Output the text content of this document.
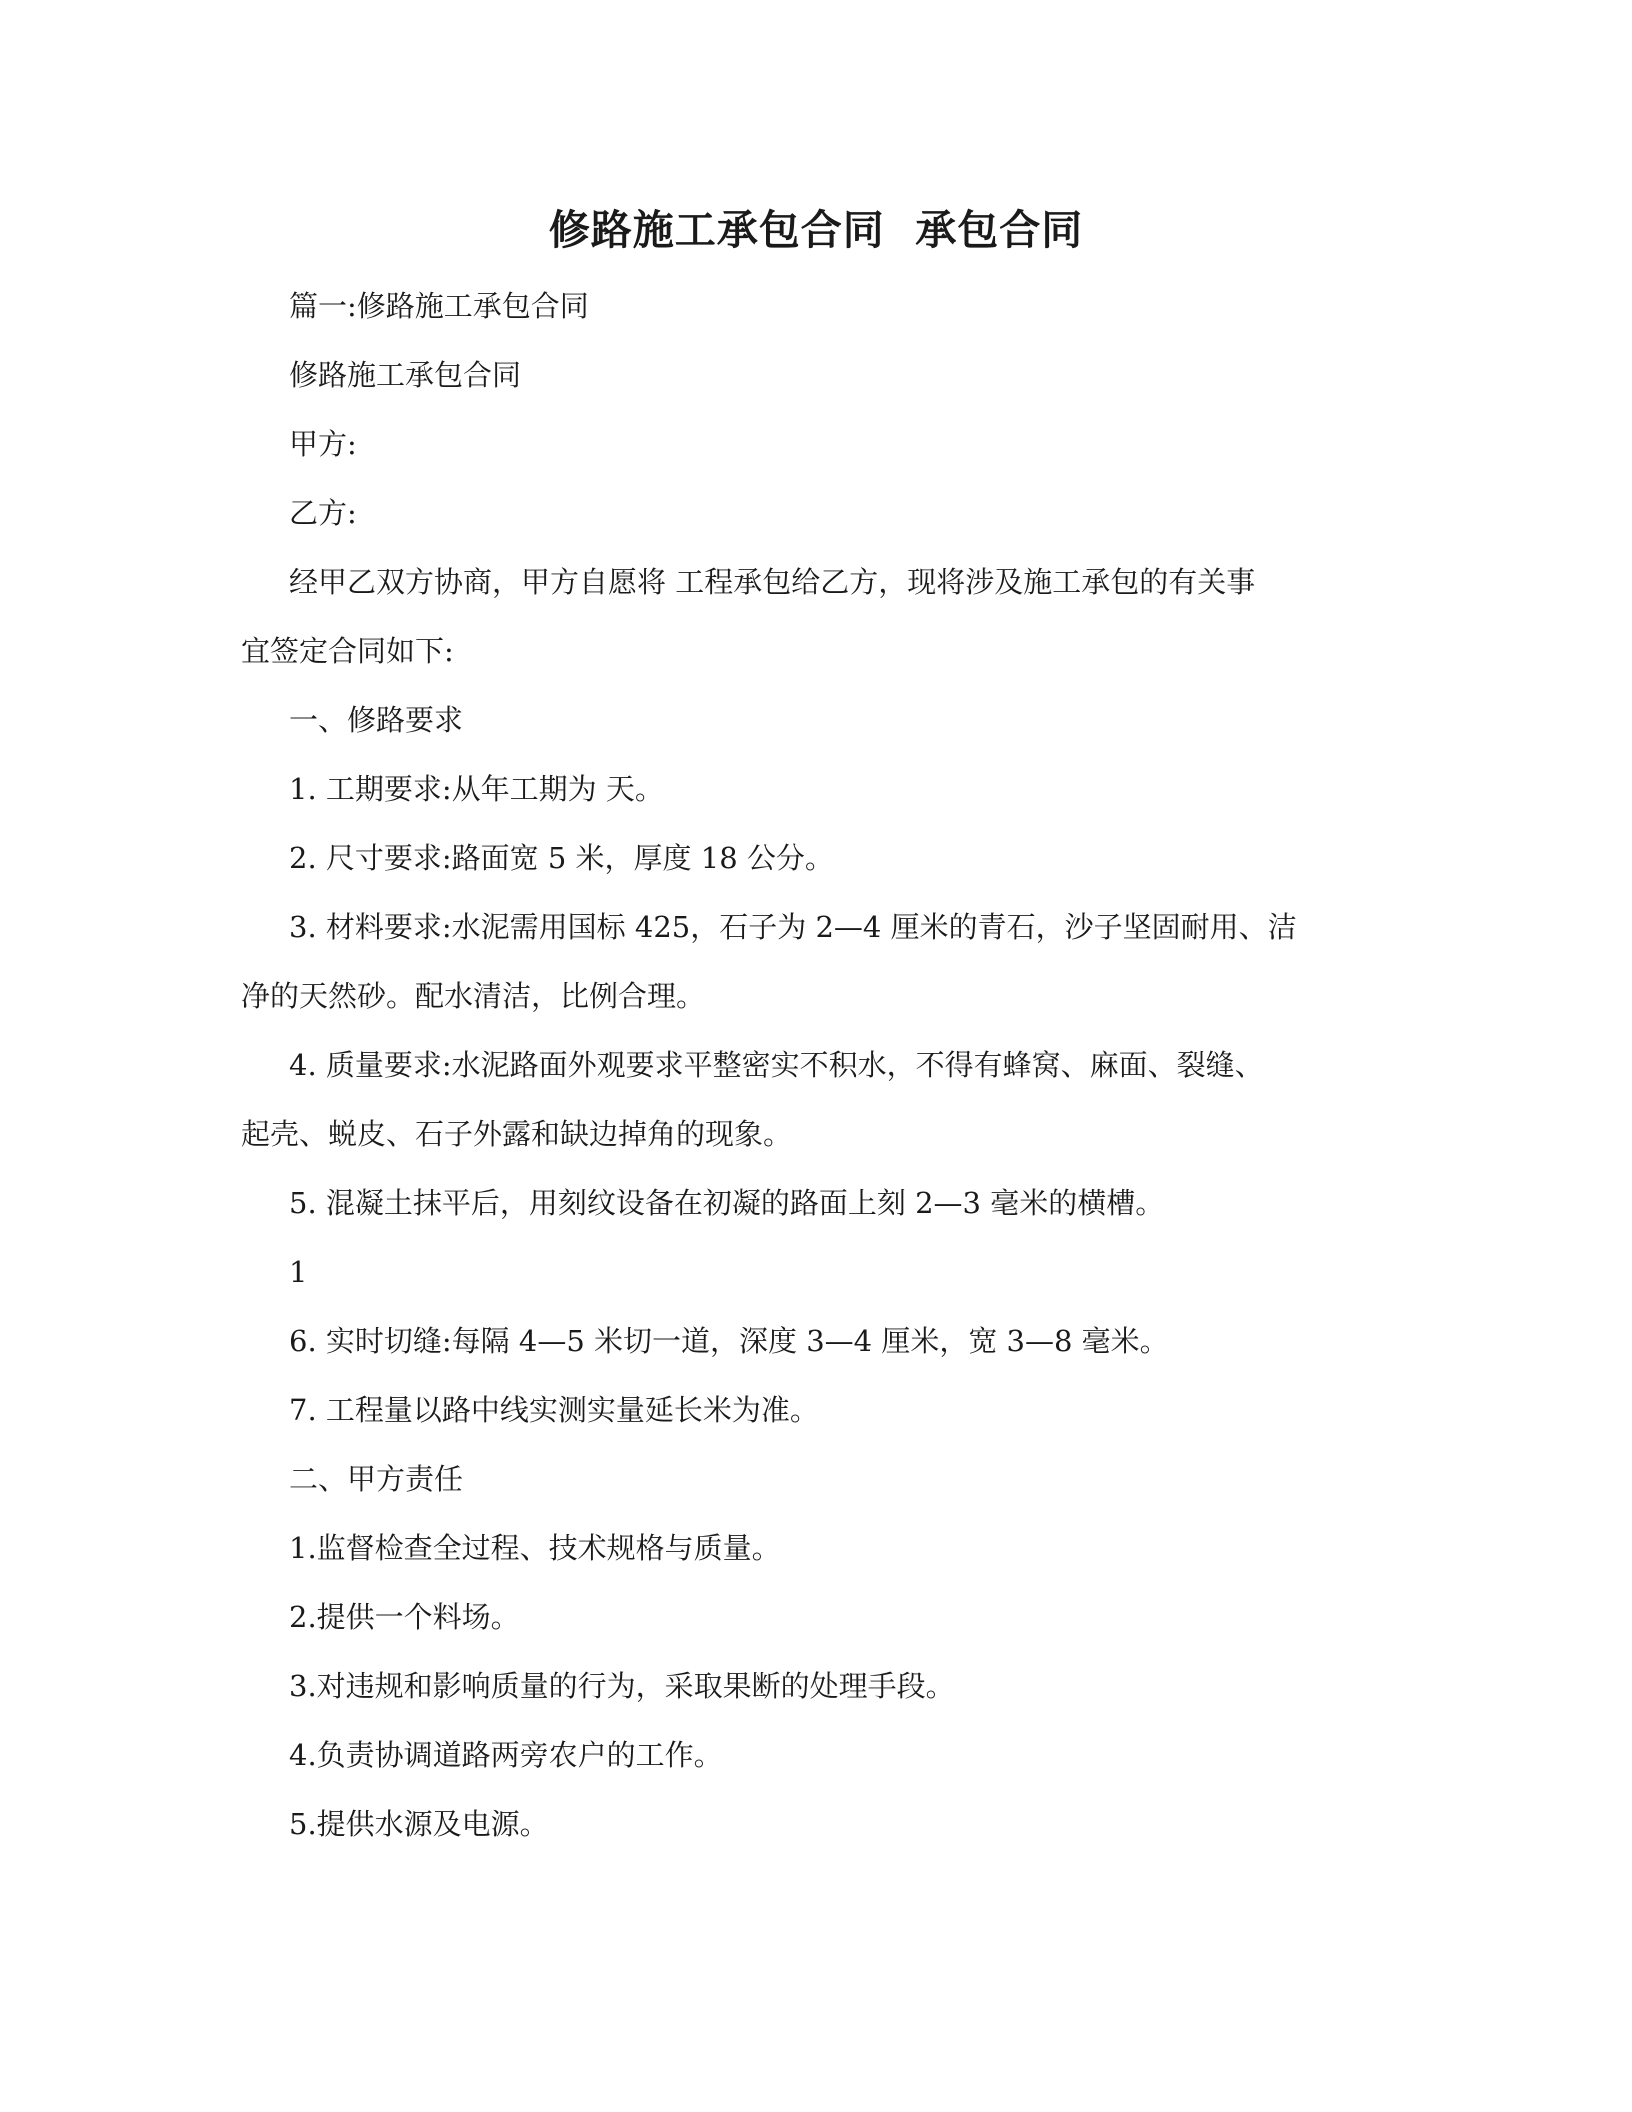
修路施工承包合同  承包合同
篇一:修路施工承包合同
修路施工承包合同
甲方:
乙方:
经甲乙双方协商，甲方自愿将 工程承包给乙方，现将涉及施工承包的有关事
宜签定合同如下:
一、修路要求
1. 工期要求:从年工期为 天。
2. 尺寸要求:路面宽 5 米，厚度 18 公分。
3. 材料要求:水泥需用国标 425，石子为 2—4 厘米的青石，沙子坚固耐用、洁
净的天然砂。配水清洁，比例合理。
4. 质量要求:水泥路面外观要求平整密实不积水，不得有蜂窝、麻面、裂缝、
起壳、蜕皮、石子外露和缺边掉角的现象。
5. 混凝土抹平后，用刻纹设备在初凝的路面上刻 2—3 毫米的横槽。
1
6. 实时切缝:每隔 4—5 米切一道，深度 3—4 厘米，宽 3—8 毫米。
7. 工程量以路中线实测实量延长米为准。
二、甲方责任
1.监督检查全过程、技术规格与质量。
2.提供一个料场。
3.对违规和影响质量的行为，采取果断的处理手段。
4.负责协调道路两旁农户的工作。
5.提供水源及电源。
